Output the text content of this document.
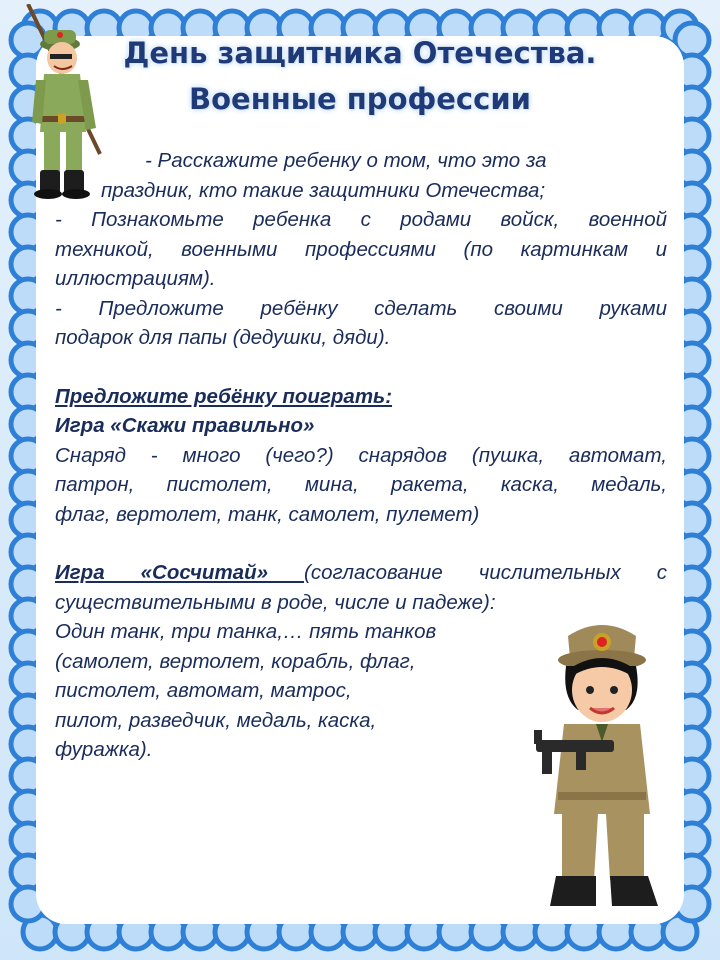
День защитника Отечества.
Военные профессии

- Расскажите ребенку о том, что это за

праздник, кто такие защитники Отечества;

- Познакомьте ребенка с родами войск, военной

техникой, военными профессиями (по картинкам и

иллюстрациям).

- Предложите ребёнку сделать своими руками

подарок для папы (дедушки, дяди).

Предложите ребёнку поиграть:

Игра «Скажи правильно»

Снаряд - много (чего?) снарядов (пушка, автомат,

патрон, пистолет, мина, ракета, каска, медаль,

флаг, вертолет, танк, самолет, пулемет)

Игра «Сосчитай» (согласование числительных с

существительными в роде, числе и падеже):

Один танк, три танка,… пять танков

(самолет, вертолет, корабль, флаг,

пистолет, автомат, матрос,

пилот, разведчик, медаль, каска,

фуражка).
